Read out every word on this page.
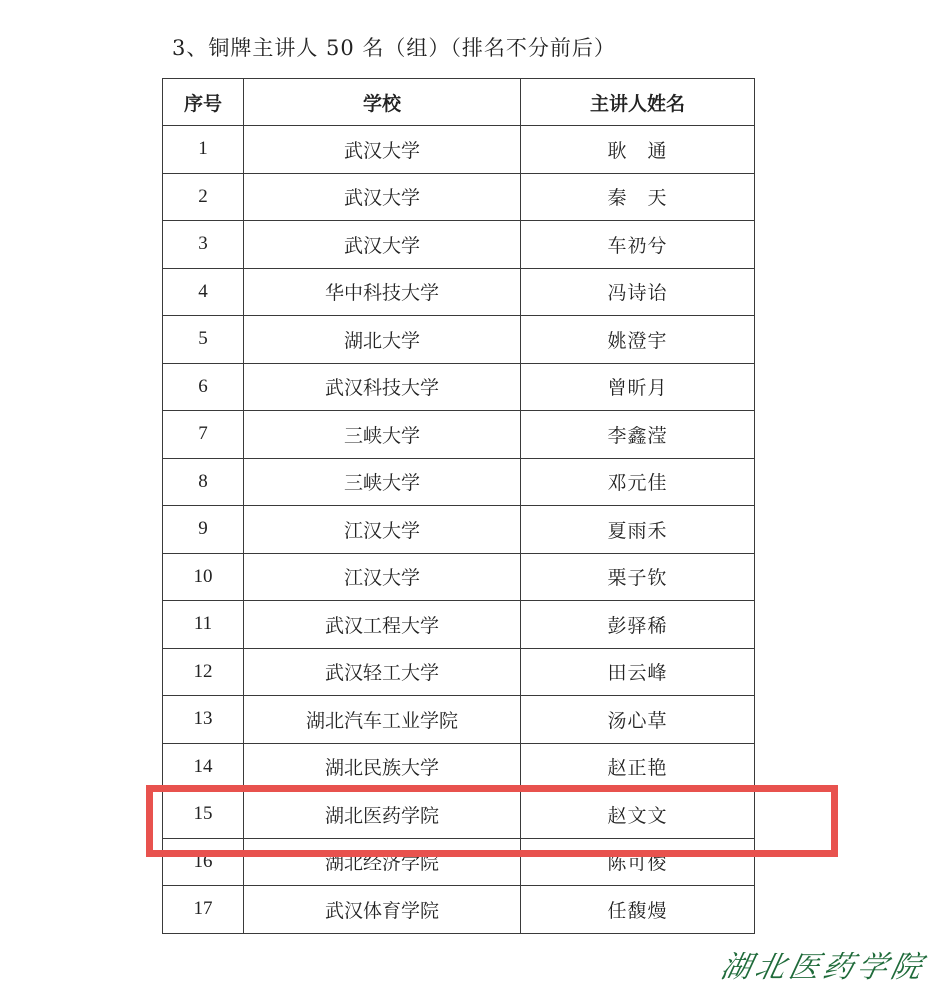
3、铜牌主讲人 50 名（组）（排名不分前后）
序号	学校	主讲人姓名
1	武汉大学	耿　通
2	武汉大学	秦　天
3	武汉大学	车礽兮
4	华中科技大学	冯诗诒
5	湖北大学	姚澄宇
6	武汉科技大学	曾昕月
7	三峡大学	李鑫滢
8	三峡大学	邓元佳
9	江汉大学	夏雨禾
10	江汉大学	栗子钦
11	武汉工程大学	彭驿稀
12	武汉轻工大学	田云峰
13	湖北汽车工业学院	汤心草
14	湖北民族大学	赵正艳
15	湖北医药学院	赵文文
16	湖北经济学院	陈可俊
17	武汉体育学院	任馥熳
湖北医药学院
